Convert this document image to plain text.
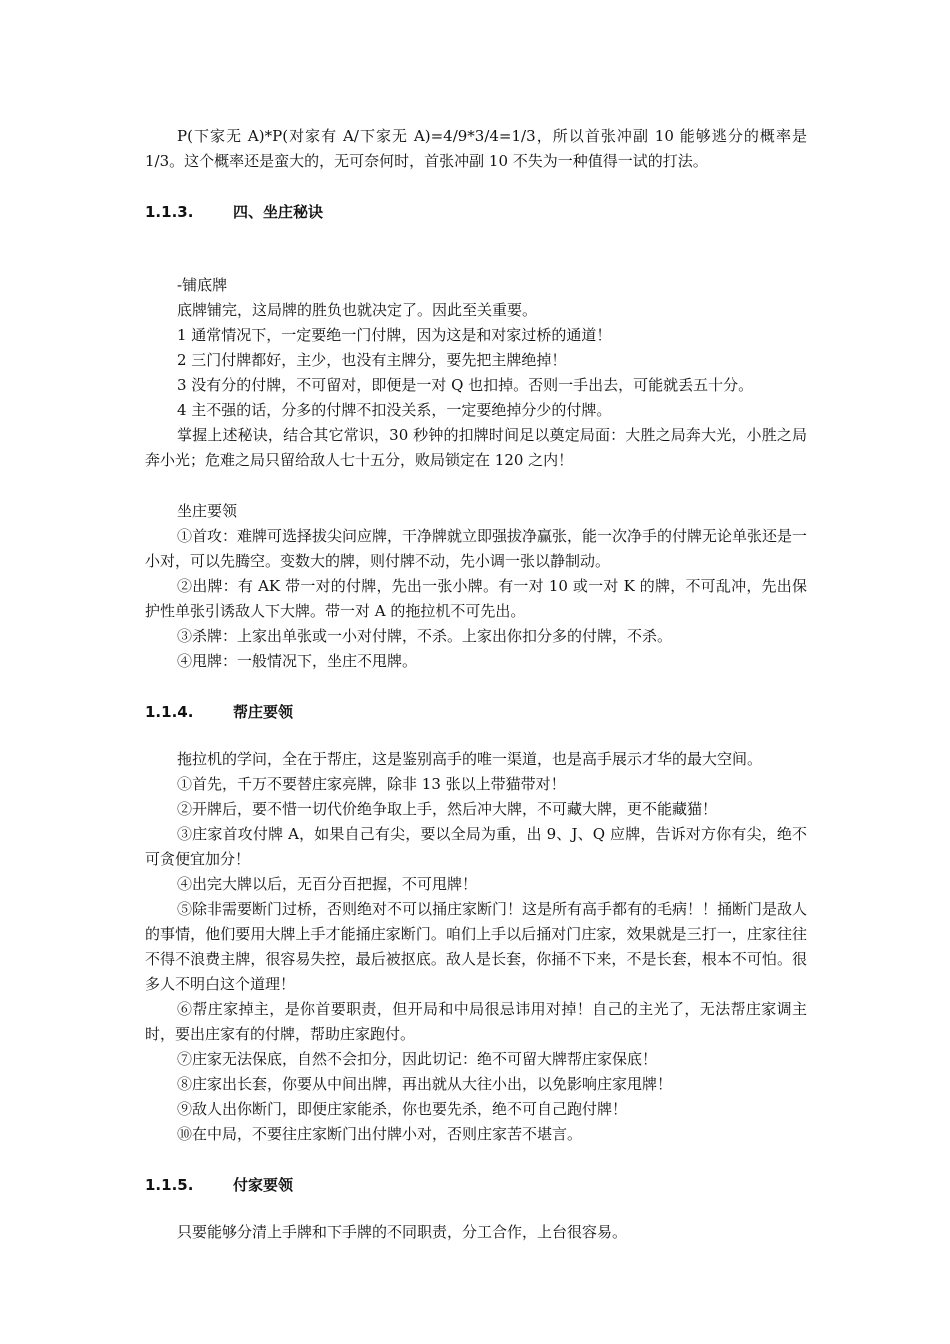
P(下家无 A)*P(对家有 A/下家无 A)=4/9*3/4=1/3，所以首张冲副 10 能够逃分的概率是 1/3。这个概率还是蛮大的，无可奈何时，首张冲副 10 不失为一种值得一试的打法。

1.1.3.	四、坐庄秘诀

-铺底牌

底牌铺完，这局牌的胜负也就决定了。因此至关重要。

1 通常情况下，一定要绝一门付牌，因为这是和对家过桥的通道！

2 三门付牌都好，主少，也没有主牌分，要先把主牌绝掉！

3 没有分的付牌，不可留对，即便是一对 Q 也扣掉。否则一手出去，可能就丢五十分。

4 主不强的话，分多的付牌不扣没关系，一定要绝掉分少的付牌。

掌握上述秘诀，结合其它常识，30 秒钟的扣牌时间足以奠定局面：大胜之局奔大光，小胜之局奔小光；危难之局只留给敌人七十五分，败局锁定在 120 之内！

坐庄要领

①首攻：难牌可选择拔尖问应牌，干净牌就立即强拔净赢张，能一次净手的付牌无论单张还是一小对，可以先腾空。变数大的牌，则付牌不动，先小调一张以静制动。

②出牌：有 AK 带一对的付牌，先出一张小牌。有一对 10 或一对 K 的牌，不可乱冲，先出保护性单张引诱敌人下大牌。带一对 A 的拖拉机不可先出。

③杀牌：上家出单张或一小对付牌，不杀。上家出你扣分多的付牌，不杀。

④甩牌：一般情况下，坐庄不甩牌。

1.1.4.	帮庄要领

拖拉机的学问，全在于帮庄，这是鉴别高手的唯一渠道，也是高手展示才华的最大空间。

①首先，千万不要替庄家亮牌，除非 13 张以上带猫带对！

②开牌后，要不惜一切代价绝争取上手，然后冲大牌，不可藏大牌，更不能藏猫！

③庄家首攻付牌 A，如果自己有尖，要以全局为重，出 9、J、Q 应牌，告诉对方你有尖，绝不可贪便宜加分！

④出完大牌以后，无百分百把握，不可甩牌！

⑤除非需要断门过桥，否则绝对不可以捅庄家断门！这是所有高手都有的毛病！！捅断门是敌人的事情，他们要用大牌上手才能捅庄家断门。咱们上手以后捅对门庄家，效果就是三打一，庄家往往不得不浪费主牌，很容易失控，最后被抠底。敌人是长套，你捅不下来，不是长套，根本不可怕。很多人不明白这个道理！

⑥帮庄家掉主，是你首要职责，但开局和中局很忌讳用对掉！自己的主光了，无法帮庄家调主时，要出庄家有的付牌，帮助庄家跑付。

⑦庄家无法保底，自然不会扣分，因此切记：绝不可留大牌帮庄家保底！

⑧庄家出长套，你要从中间出牌，再出就从大往小出，以免影响庄家甩牌！

⑨敌人出你断门，即便庄家能杀，你也要先杀，绝不可自己跑付牌！

⑩在中局，不要往庄家断门出付牌小对，否则庄家苦不堪言。

1.1.5.	付家要领

只要能够分清上手牌和下手牌的不同职责，分工合作，上台很容易。
